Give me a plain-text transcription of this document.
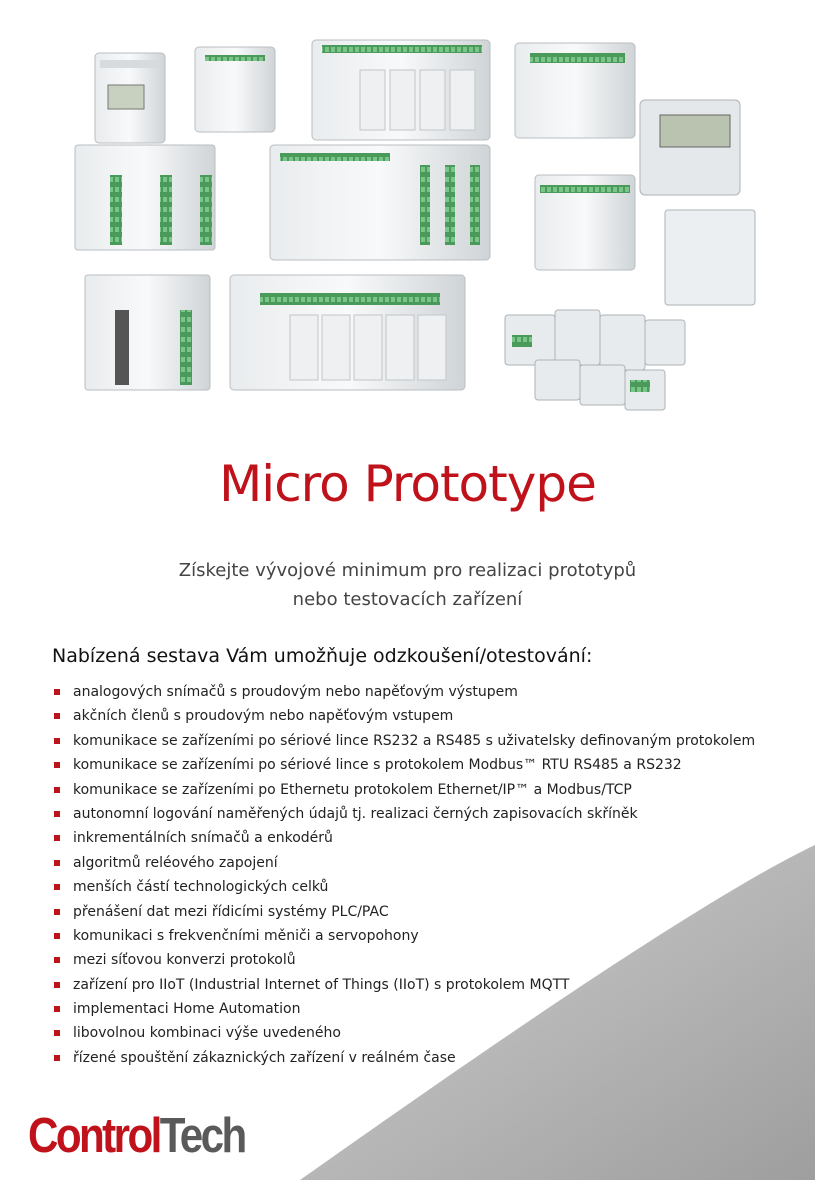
Micro Prototype
Získejte vývojové minimum pro realizaci prototypů
nebo testovacích zařízení
Nabízená sestava Vám umožňuje odzkoušení/otestování:
analogových snímačů s proudovým nebo napěťovým výstupem
akčních členů s proudovým nebo napěťovým vstupem
komunikace se zařízeními po sériové lince RS232 a RS485 s uživatelsky definovaným protokolem
komunikace se zařízeními po sériové lince s protokolem Modbus™ RTU RS485 a RS232
komunikace se zařízeními po Ethernetu protokolem Ethernet/IP™ a Modbus/TCP
autonomní logování naměřených údajů tj. realizaci černých zapisovacích skříněk
inkrementálních snímačů a enkodérů
algoritmů reléového zapojení
menších částí technologických celků
přenášení dat mezi řídicími systémy PLC/PAC
komunikaci s frekvenčními měniči a servopohony
mezi síťovou konverzi protokolů
zařízení pro IIoT (Industrial Internet of Things (IIoT) s protokolem MQTT
implementaci Home Automation
libovolnou kombinaci výše uvedeného
řízené spouštění zákaznických zařízení v reálném čase
ControlTech
